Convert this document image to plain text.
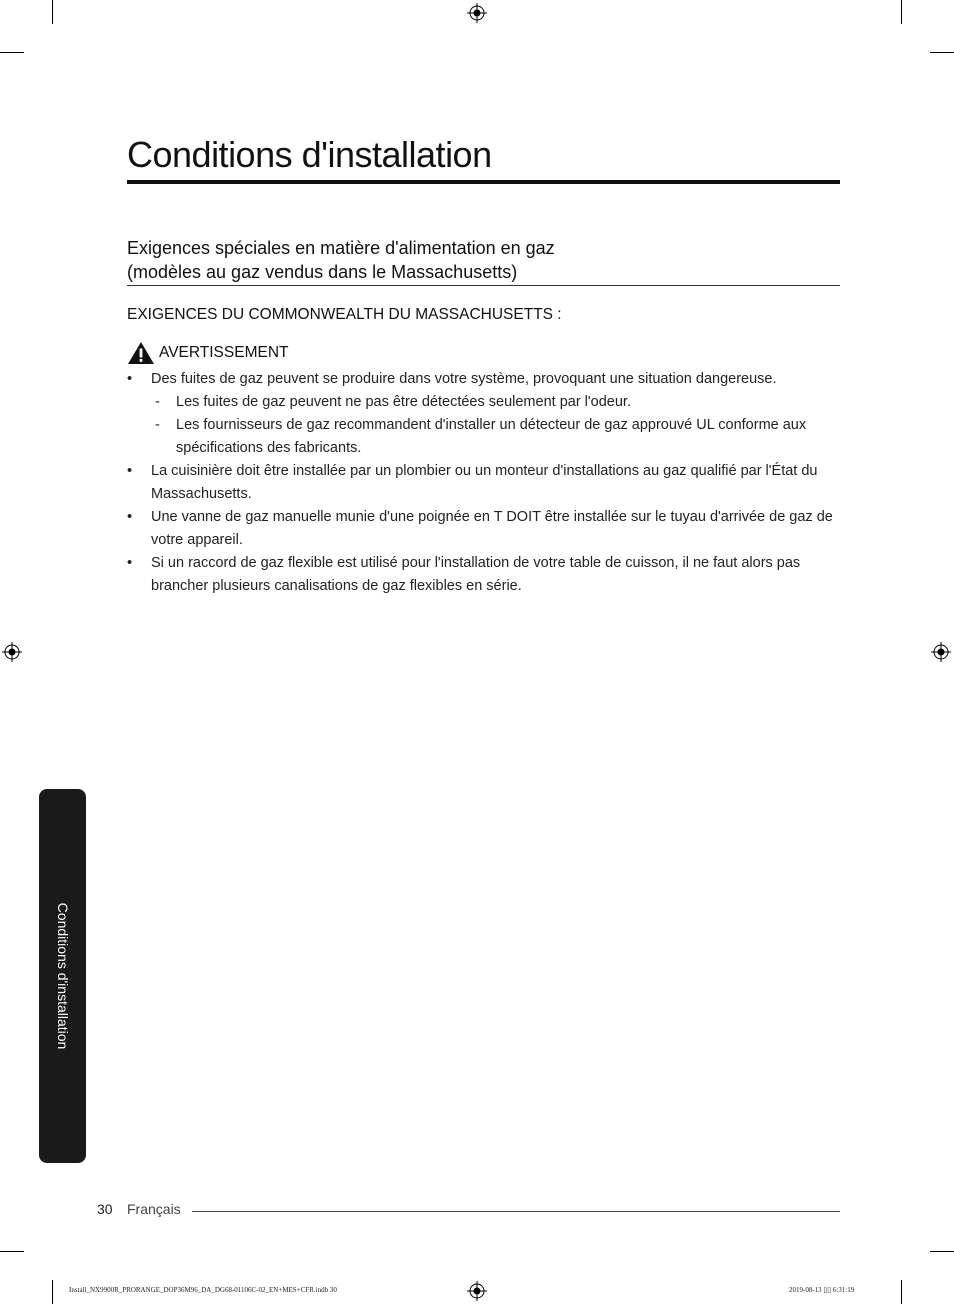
Conditions d'installation
Exigences spéciales en matière d'alimentation en gaz
(modèles au gaz vendus dans le Massachusetts)
EXIGENCES DU COMMONWEALTH DU MASSACHUSETTS :
AVERTISSEMENT
• Des fuites de gaz peuvent se produire dans votre système, provoquant une situation dangereuse.
- Les fuites de gaz peuvent ne pas être détectées seulement par l'odeur.
- Les fournisseurs de gaz recommandent d'installer un détecteur de gaz approuvé UL conforme aux spécifications des fabricants.
• La cuisinière doit être installée par un plombier ou un monteur d'installations au gaz qualifié par l'État du Massachusetts.
• Une vanne de gaz manuelle munie d'une poignée en T DOIT être installée sur le tuyau d'arrivée de gaz de votre appareil.
• Si un raccord de gaz flexible est utilisé pour l'installation de votre table de cuisson, il ne faut alors pas brancher plusieurs canalisations de gaz flexibles en série.
Conditions d'installation
30 Français
Install_NX9900R_PRORANGE_DOP36M96_DA_DG68-01106C-02_EN+MES+CFR.indb 30	2019-08-13 ▯▯ 6:31:19
